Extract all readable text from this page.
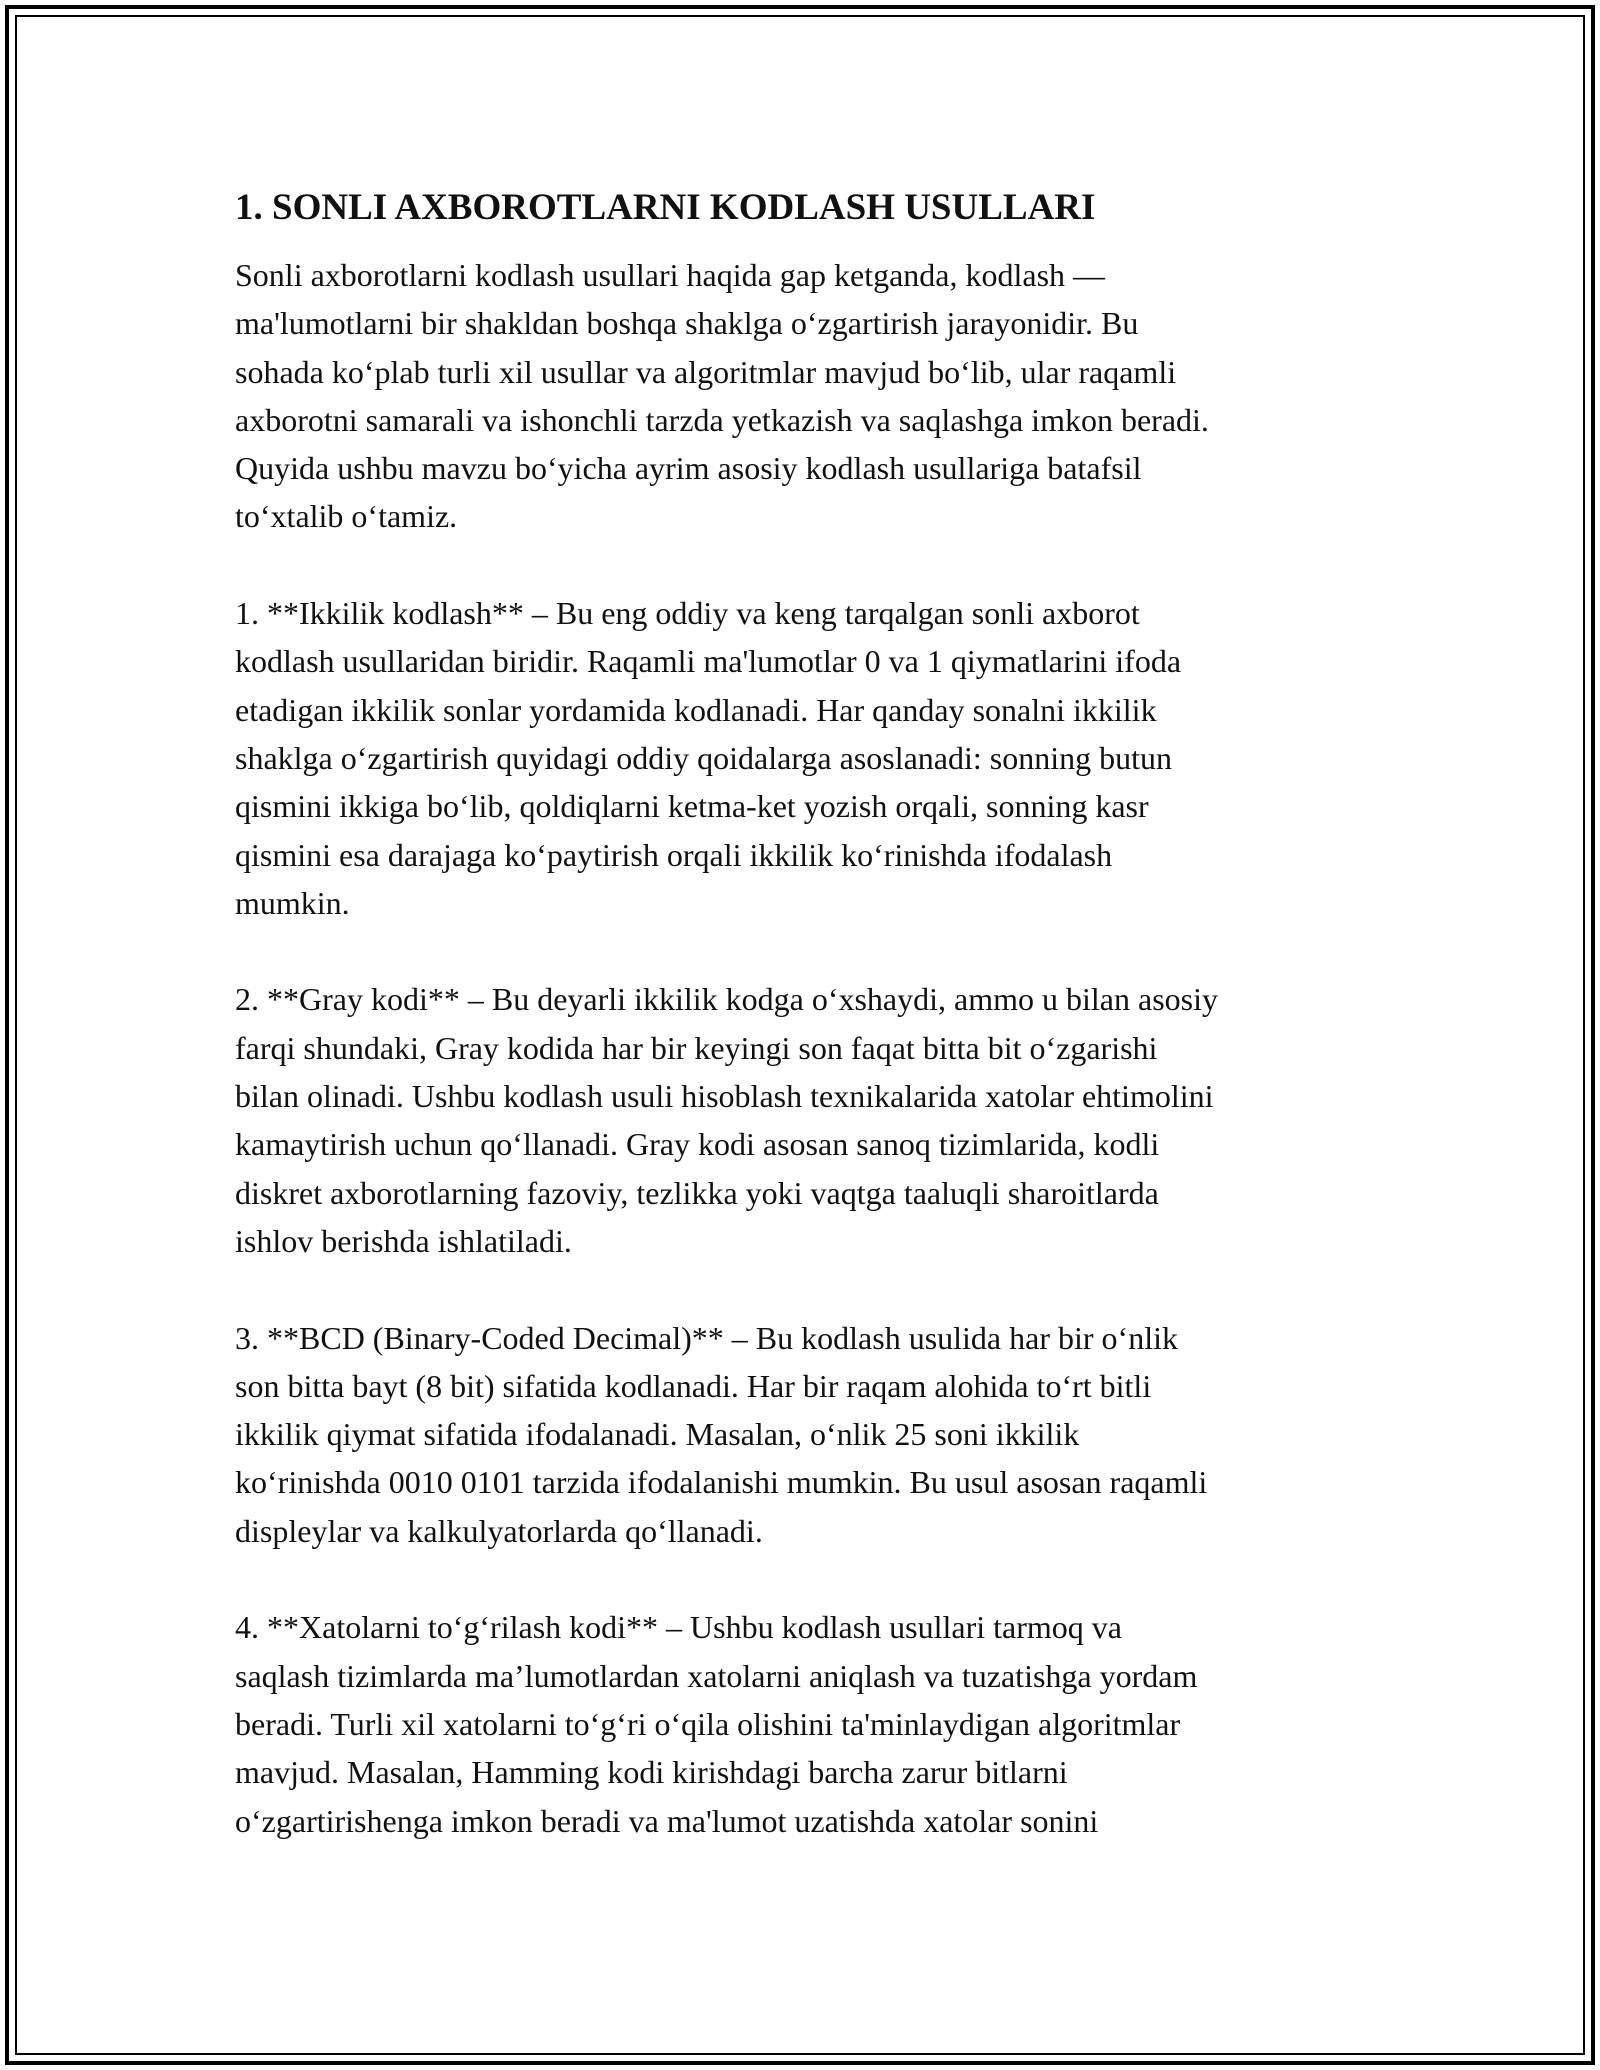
1. SONLI AXBOROTLARNI KODLASH USULLARI
Sonli axborotlarni kodlash usullari haqida gap ketganda, kodlash —
ma'lumotlarni bir shakldan boshqa shaklga o‘zgartirish jarayonidir. Bu
sohada ko‘plab turli xil usullar va algoritmlar mavjud bo‘lib, ular raqamli
axborotni samarali va ishonchli tarzda yetkazish va saqlashga imkon beradi.
Quyida ushbu mavzu bo‘yicha ayrim asosiy kodlash usullariga batafsil
to‘xtalib o‘tamiz.
1. **Ikkilik kodlash** – Bu eng oddiy va keng tarqalgan sonli axborot
kodlash usullaridan biridir. Raqamli ma'lumotlar 0 va 1 qiymatlarini ifoda
etadigan ikkilik sonlar yordamida kodlanadi. Har qanday sonalni ikkilik
shaklga o‘zgartirish quyidagi oddiy qoidalarga asoslanadi: sonning butun
qismini ikkiga bo‘lib, qoldiqlarni ketma-ket yozish orqali, sonning kasr
qismini esa darajaga ko‘paytirish orqali ikkilik ko‘rinishda ifodalash
mumkin.
2. **Gray kodi** – Bu deyarli ikkilik kodga o‘xshaydi, ammo u bilan asosiy
farqi shundaki, Gray kodida har bir keyingi son faqat bitta bit o‘zgarishi
bilan olinadi. Ushbu kodlash usuli hisoblash texnikalarida xatolar ehtimolini
kamaytirish uchun qo‘llanadi. Gray kodi asosan sanoq tizimlarida, kodli
diskret axborotlarning fazoviy, tezlikka yoki vaqtga taaluqli sharoitlarda
ishlov berishda ishlatiladi.
3. **BCD (Binary-Coded Decimal)** – Bu kodlash usulida har bir o‘nlik
son bitta bayt (8 bit) sifatida kodlanadi. Har bir raqam alohida to‘rt bitli
ikkilik qiymat sifatida ifodalanadi. Masalan, o‘nlik 25 soni ikkilik
ko‘rinishda 0010 0101 tarzida ifodalanishi mumkin. Bu usul asosan raqamli
displeylar va kalkulyatorlarda qo‘llanadi.
4. **Xatolarni to‘g‘rilash kodi** – Ushbu kodlash usullari tarmoq va
saqlash tizimlarda ma’lumotlardan xatolarni aniqlash va tuzatishga yordam
beradi. Turli xil xatolarni to‘g‘ri o‘qila olishini ta'minlaydigan algoritmlar
mavjud. Masalan, Hamming kodi kirishdagi barcha zarur bitlarni
o‘zgartirishenga imkon beradi va ma'lumot uzatishda xatolar sonini
